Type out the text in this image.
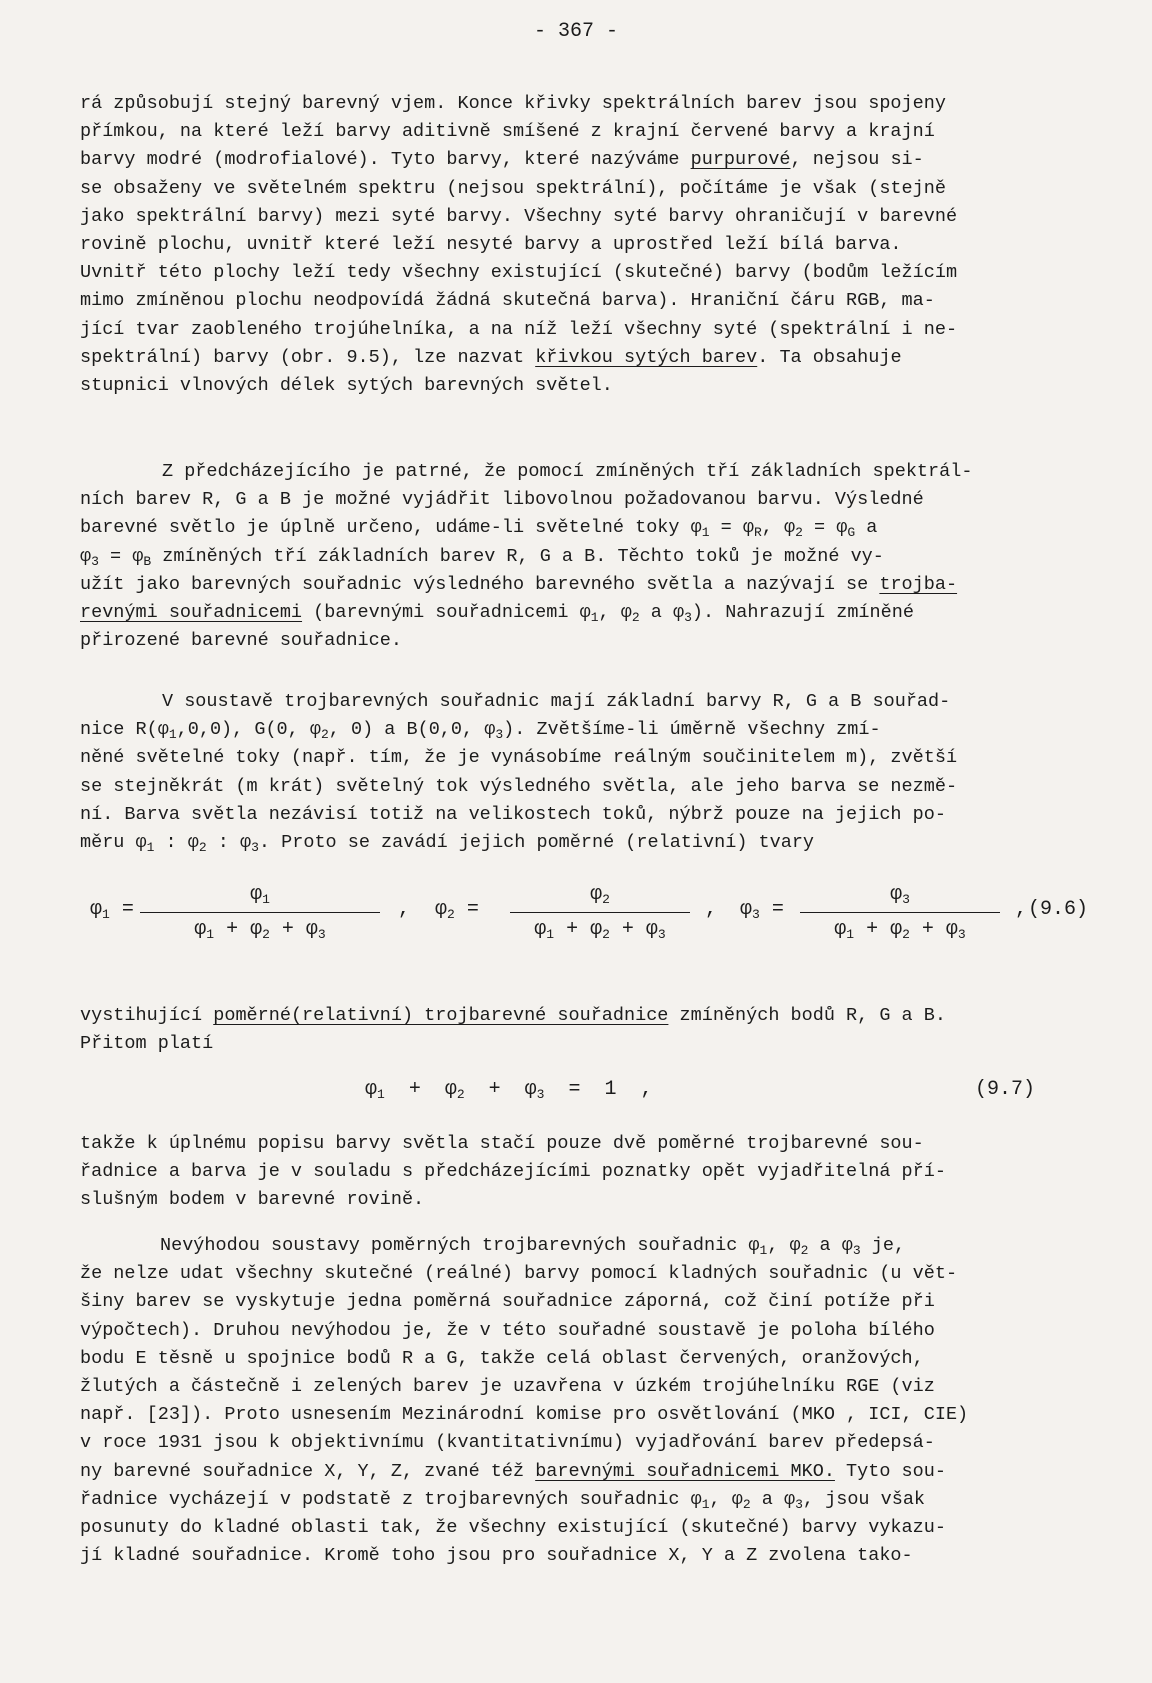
- 367 -
rá způsobují stejný barevný vjem. Konce křivky spektrálních barev jsou spojeny
přímkou, na které leží barvy aditivně smíšené z krajní červené barvy a krajní
barvy modré (modrofialové). Tyto barvy, které nazýváme purpurové, nejsou si-
se obsaženy ve světelném spektru (nejsou spektrální), počítáme je však (stejně
jako spektrální barvy) mezi syté barvy. Všechny syté barvy ohraničují v barevné
rovině plochu, uvnitř které leží nesyté barvy a uprostřed leží bílá barva.
Uvnitř této plochy leží tedy všechny existující (skutečné) barvy (bodům ležícím
mimo zmíněnou plochu neodpovídá žádná skutečná barva). Hraniční čáru RGB, ma-
jící tvar zaobleného trojúhelníka, a na níž leží všechny syté (spektrální i ne-
spektrální) barvy (obr. 9.5), lze nazvat křivkou sytých barev. Ta obsahuje
stupnici vlnových délek sytých barevných světel.
Z předcházejícího je patrné, že pomocí zmíněných tří základních spektrál-
ních barev R, G a B je možné vyjádřit libovolnou požadovanou barvu. Výsledné
barevné světlo je úplně určeno, udáme-li světelné toky $\varphi_1 = \varphi_R$, $\varphi_2 = \varphi_G$ a
$\varphi_3 = \varphi_B$ zmíněných tří základních barev R, G a B. Těchto toků je možné vy-
užít jako barevných souřadnic výsledného barevného světla a nazývají se trojba-
revnými souřadnicemi (barevnými souřadnicemi $\varphi_1$, $\varphi_2$ a $\varphi_3$). Nahrazují zmíněné
přirozené barevné souřadnice.
V soustavě trojbarevných souřadnic mají základní barvy R, G a B souřad-
nice $R(\varphi_1,0,0)$, G(0, $\varphi_2$, 0) a B(0,0, $\varphi_3$). Zvětšíme-li úměrně všechny zmí-
něné světelné toky (např. tím, že je vynásobíme reálným součinitelem m), zvětší
se stejněkrát (m krát) světelný tok výsledného světla, ale jeho barva se nezmě-
ní. Barva světla nezávisí totiž na velikostech toků, nýbrž pouze na jejich po-
měru $\varphi_1$ : $\varphi_2$ : $\varphi_3$. Proto se zavádí jejich poměrné (relativní) tvary
$\varphi_1$ =
$\varphi_1$
$\varphi_1 + \varphi_2 + \varphi_3$
, $\varphi_2$ =
$\varphi_2$
$\varphi_1 + \varphi_2 + \varphi_3$
, $\varphi_3$ =
$\varphi_3$
$\varphi_1 + \varphi_2 + \varphi_3$
, (9.6)
vystihující poměrné(relativní) trojbarevné souřadnice zmíněných bodů R, G a B.
Přitom platí
$\varphi_1 + \varphi_2 + \varphi_3 = 1$  ,	(9.7)
takže k úplnému popisu barvy světla stačí pouze dvě poměrné trojbarevné sou-
řadnice a barva je v souladu s předcházejícími poznatky opět vyjadřitelná pří-
slušným bodem v barevné rovině.
Nevýhodou soustavy poměrných trojbarevných souřadnic $\varphi_1$, $\varphi_2$ a $\varphi_3$ je,
že nelze udat všechny skutečné (reálné) barvy pomocí kladných souřadnic (u vět-
šiny barev se vyskytuje jedna poměrná souřadnice záporná, což činí potíže při
výpočtech). Druhou nevýhodou je, že v této souřadné soustavě je poloha bílého
bodu E těsně u spojnice bodů R a G, takže celá oblast červených, oranžových,
žlutých a částečně i zelených barev je uzavřena v úzkém trojúhelníku RGE (viz
např. [23]). Proto usnesením Mezinárodní komise pro osvětlování (MKO , ICI, CIE)
v roce 1931 jsou k objektivnímu (kvantitativnímu) vyjadřování barev předepsá-
ny barevné souřadnice X, Y, Z, zvané též barevnými souřadnicemi MKO. Tyto sou-
řadnice vycházejí v podstatě z trojbarevných souřadnic $\varphi_1$, $\varphi_2$ a $\varphi_3$, jsou však
posunuty do kladné oblasti tak, že všechny existující (skutečné) barvy vykazu-
jí kladné souřadnice. Kromě toho jsou pro souřadnice X, Y a Z zvolena tako-
